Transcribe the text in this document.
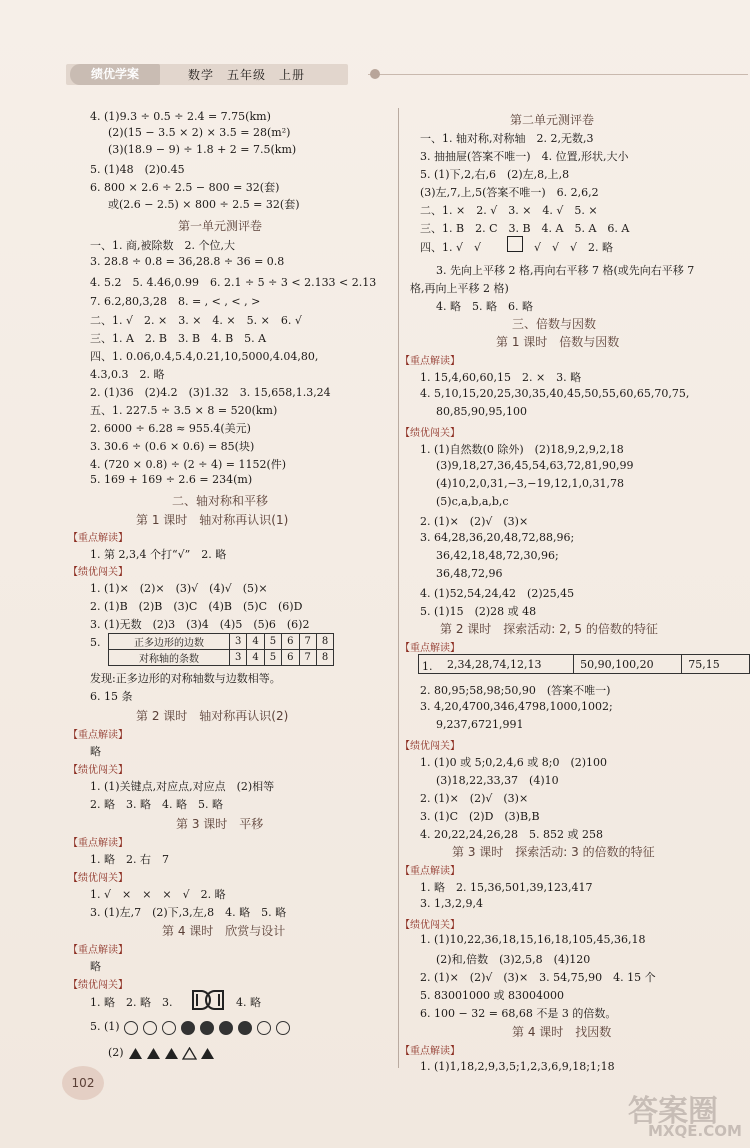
绩优学案	数学　五年级　上册
4. (1)9.3 ÷ 0.5 ÷ 2.4 = 7.75(km)
(2)(15 − 3.5 × 2) × 3.5 = 28(m²)
(3)(18.9 − 9) ÷ 1.8 + 2 = 7.5(km)
5. (1)48　(2)0.45
6. 800 × 2.6 ÷ 2.5 − 800 = 32(套)
或(2.6 − 2.5) × 800 ÷ 2.5 = 32(套)
第一单元测评卷
一、1. 商,被除数　2. 个位,大
3. 28.8 ÷ 0.8 = 36,28.8 ÷ 36 = 0.8
4. 5.2　5. 4.46,0.99　6. 2.1 ÷ 5 ÷ 3 < 2.133 < 2.13
7. 6.2,80,3,28　8. = , < , < , >
二、1. √　2. ×　3. ×　4. ×　5. ×　6. √
三、1. A　2. B　3. B　4. B　5. A
四、1. 0.06,0.4,5.4,0.21,10,5000,4.04,80,
4.3,0.3　2. 略
2. (1)36　(2)4.2　(3)1.32　3. 15,658,1.3,24
五、1. 227.5 ÷ 3.5 × 8 = 520(km)
2. 6000 ÷ 6.28 ≈ 955.4(美元)
3. 30.6 ÷ (0.6 × 0.6) = 85(块)
4. (720 × 0.8) ÷ (2 ÷ 4) = 1152(件)
5. 169 + 169 ÷ 2.6 = 234(m)
二、轴对称和平移
第 1 课时　轴对称再认识(1)
【重点解读】
1. 第 2,3,4 个打“√”　2. 略
【绩优闯关】
1. (1)×　(2)×　(3)√　(4)√　(5)×
2. (1)B　(2)B　(3)C　(4)B　(5)C　(6)D
3. (1)无数　(2)3　(3)4　(4)5　(5)6　(6)2
5.	正多边形的边数	3	4	5	6	7	8
对称轴的条数	3	4	5	6	7	8
发现:正多边形的对称轴数与边数相等。
6. 15 条
第 2 课时　轴对称再认识(2)
【重点解读】
略
【绩优闯关】
1. (1)关键点,对应点,对应点　(2)相等
2. 略　3. 略　4. 略　5. 略
第 3 课时　平移
【重点解读】
1. 略　2. 右　7
【绩优闯关】
1. √　×　×　×　√　2. 略
3. (1)左,7　(2)下,3,左,8　4. 略　5. 略
第 4 课时　欣赏与设计
【重点解读】
略
【绩优闯关】
1. 略　2. 略　3.	4. 略
5. (1)
(2)
第二单元测评卷
一、1. 轴对称,对称轴　2. 2,无数,3
3. 抽抽屉(答案不唯一)　4. 位置,形状,大小
5. (1)下,2,右,6　(2)左,8,上,8
(3)左,7,上,5(答案不唯一)　6. 2,6,2
二、1. ×　2. √　3. ×　4. √　5. ×
三、1. B　2. C　3. B　4. A　5. A　6. A
四、1. √　√	√　√　√　2. 略
3. 先向上平移 2 格,再向右平移 7 格(或先向右平移 7
格,再向上平移 2 格)
4. 略　5. 略　6. 略
三、倍数与因数
第 1 课时　倍数与因数
【重点解读】
1. 15,4,60,60,15　2. ×　3. 略
4. 5,10,15,20,25,30,35,40,45,50,55,60,65,70,75,
80,85,90,95,100
【绩优闯关】
1. (1)自然数(0 除外)　(2)18,9,2,9,2,18
(3)9,18,27,36,45,54,63,72,81,90,99
(4)10,2,0,31,−3,−19,12,1,0,31,78
(5)c,a,b,a,b,c
2. (1)×　(2)√　(3)×
3. 64,28,36,20,48,72,88,96;
36,42,18,48,72,30,96;
36,48,72,96
4. (1)52,54,24,42　(2)25,45
5. (1)15　(2)28 或 48
第 2 课时　探索活动: 2, 5 的倍数的特征
【重点解读】
1. 2,34,28,74,12,13	50,90,100,20	75,15
2. 80,95;58,98;50,90　(答案不唯一)
3. 4,20,4700,346,4798,1000,1002;
9,237,6721,991
【绩优闯关】
1. (1)0 或 5;0,2,4,6 或 8;0　(2)100
(3)18,22,33,37　(4)10
2. (1)×　(2)√　(3)×
3. (1)C　(2)D　(3)B,B
4. 20,22,24,26,28　5. 852 或 258
第 3 课时　探索活动: 3 的倍数的特征
【重点解读】
1. 略　2. 15,36,501,39,123,417
3. 1,3,2,9,4
【绩优闯关】
1. (1)10,22,36,18,15,16,18,105,45,36,18
(2)和,倍数　(3)2,5,8　(4)120
2. (1)×　(2)√　(3)×　3. 54,75,90　4. 15 个
5. 83001000 或 83004000
6. 100 − 32 = 68,68 不是 3 的倍数。
第 4 课时　找因数
【重点解读】
1. (1)1,18,2,9,3,5;1,2,3,6,9,18;1;18
102
答案圈
MXQE.COM
